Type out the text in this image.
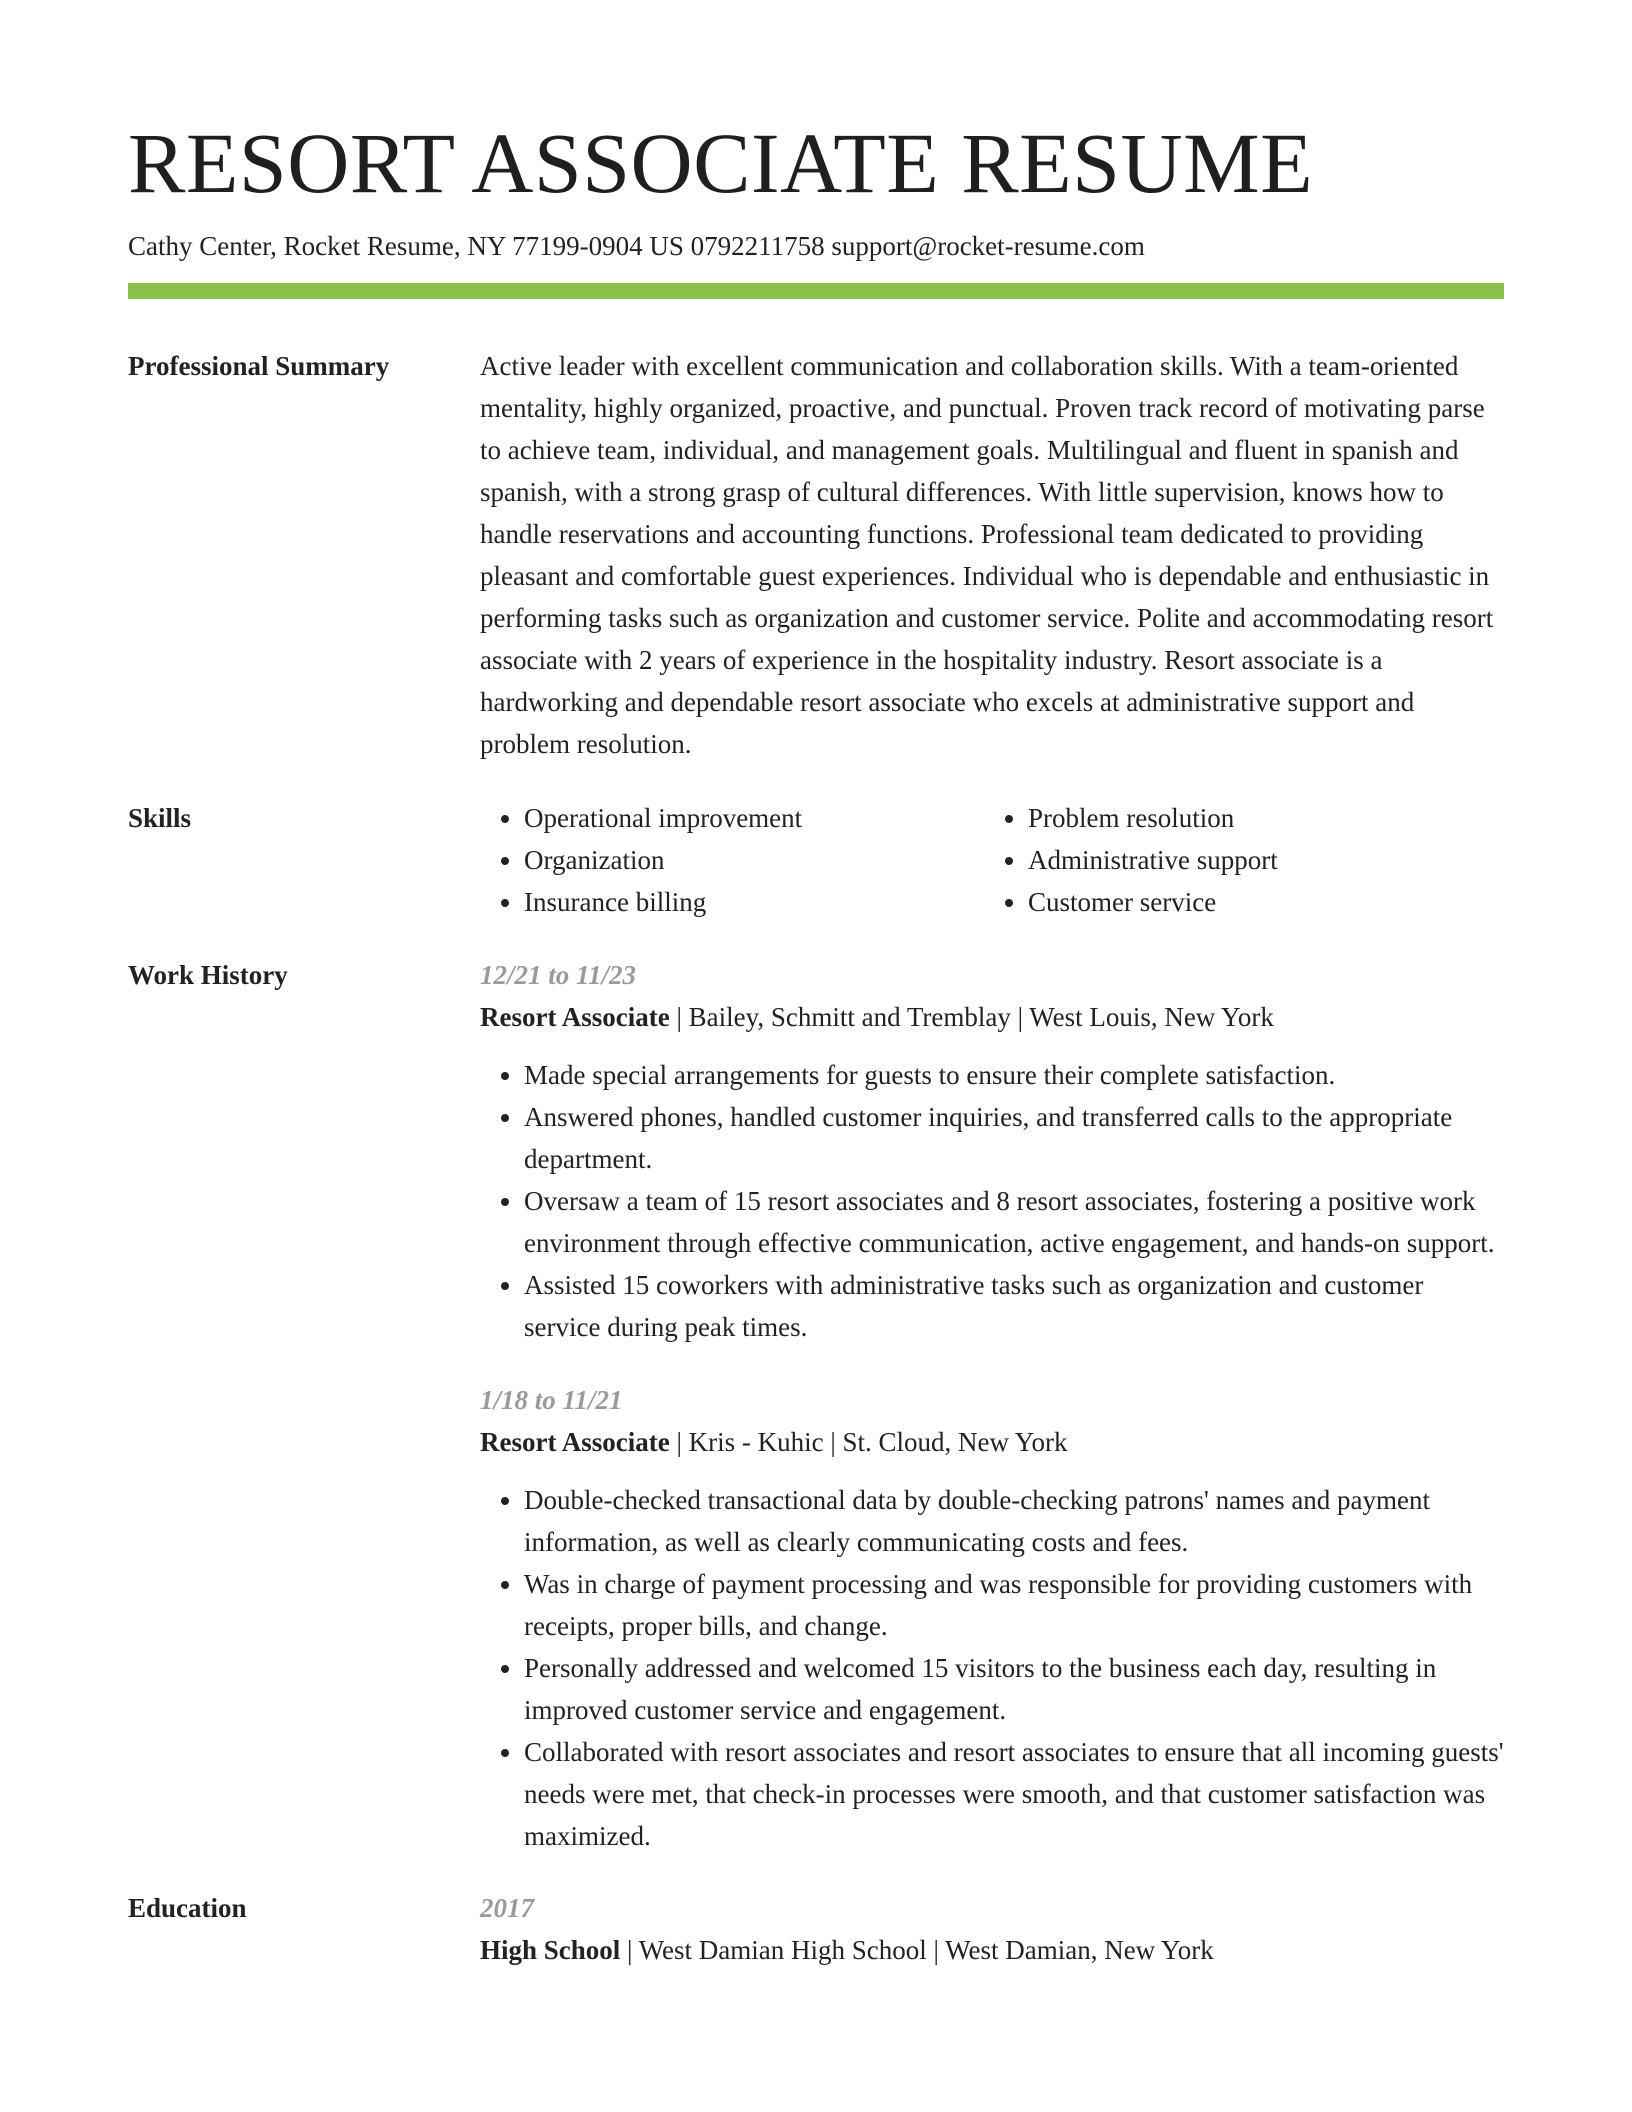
RESORT ASSOCIATE RESUME
Cathy Center, Rocket Resume, NY 77199-0904 US 0792211758 support@rocket-resume.com
Professional Summary	Active leader with excellent communication and collaboration skills. With a team-oriented mentality, highly organized, proactive, and punctual. Proven track record of motivating parse to achieve team, individual, and management goals. Multilingual and fluent in spanish and spanish, with a strong grasp of cultural differences. With little supervision, knows how to handle reservations and accounting functions. Professional team dedicated to providing pleasant and comfortable guest experiences. Individual who is dependable and enthusiastic in performing tasks such as organization and customer service. Polite and accommodating resort associate with 2 years of experience in the hospitality industry. Resort associate is a hardworking and dependable resort associate who excels at administrative support and problem resolution.
Skills
•	Operational improvement
• Organization
• Insurance billing
• Problem resolution
• Administrative support
• Customer service
Work History	12/21 to 11/23
Resort Associate | Bailey, Schmitt and Tremblay | West Louis, New York
• Made special arrangements for guests to ensure their complete satisfaction.
• Answered phones, handled customer inquiries, and transferred calls to the appropriate department.
• Oversaw a team of 15 resort associates and 8 resort associates, fostering a positive work environment through effective communication, active engagement, and hands-on support.
• Assisted 15 coworkers with administrative tasks such as organization and customer service during peak times.
1/18 to 11/21
Resort Associate | Kris - Kuhic | St. Cloud, New York
• Double-checked transactional data by double-checking patrons' names and payment information, as well as clearly communicating costs and fees.
• Was in charge of payment processing and was responsible for providing customers with receipts, proper bills, and change.
• Personally addressed and welcomed 15 visitors to the business each day, resulting in improved customer service and engagement.
• Collaborated with resort associates and resort associates to ensure that all incoming guests' needs were met, that check-in processes were smooth, and that customer satisfaction was maximized.
Education	2017
High School | West Damian High School | West Damian, New York
